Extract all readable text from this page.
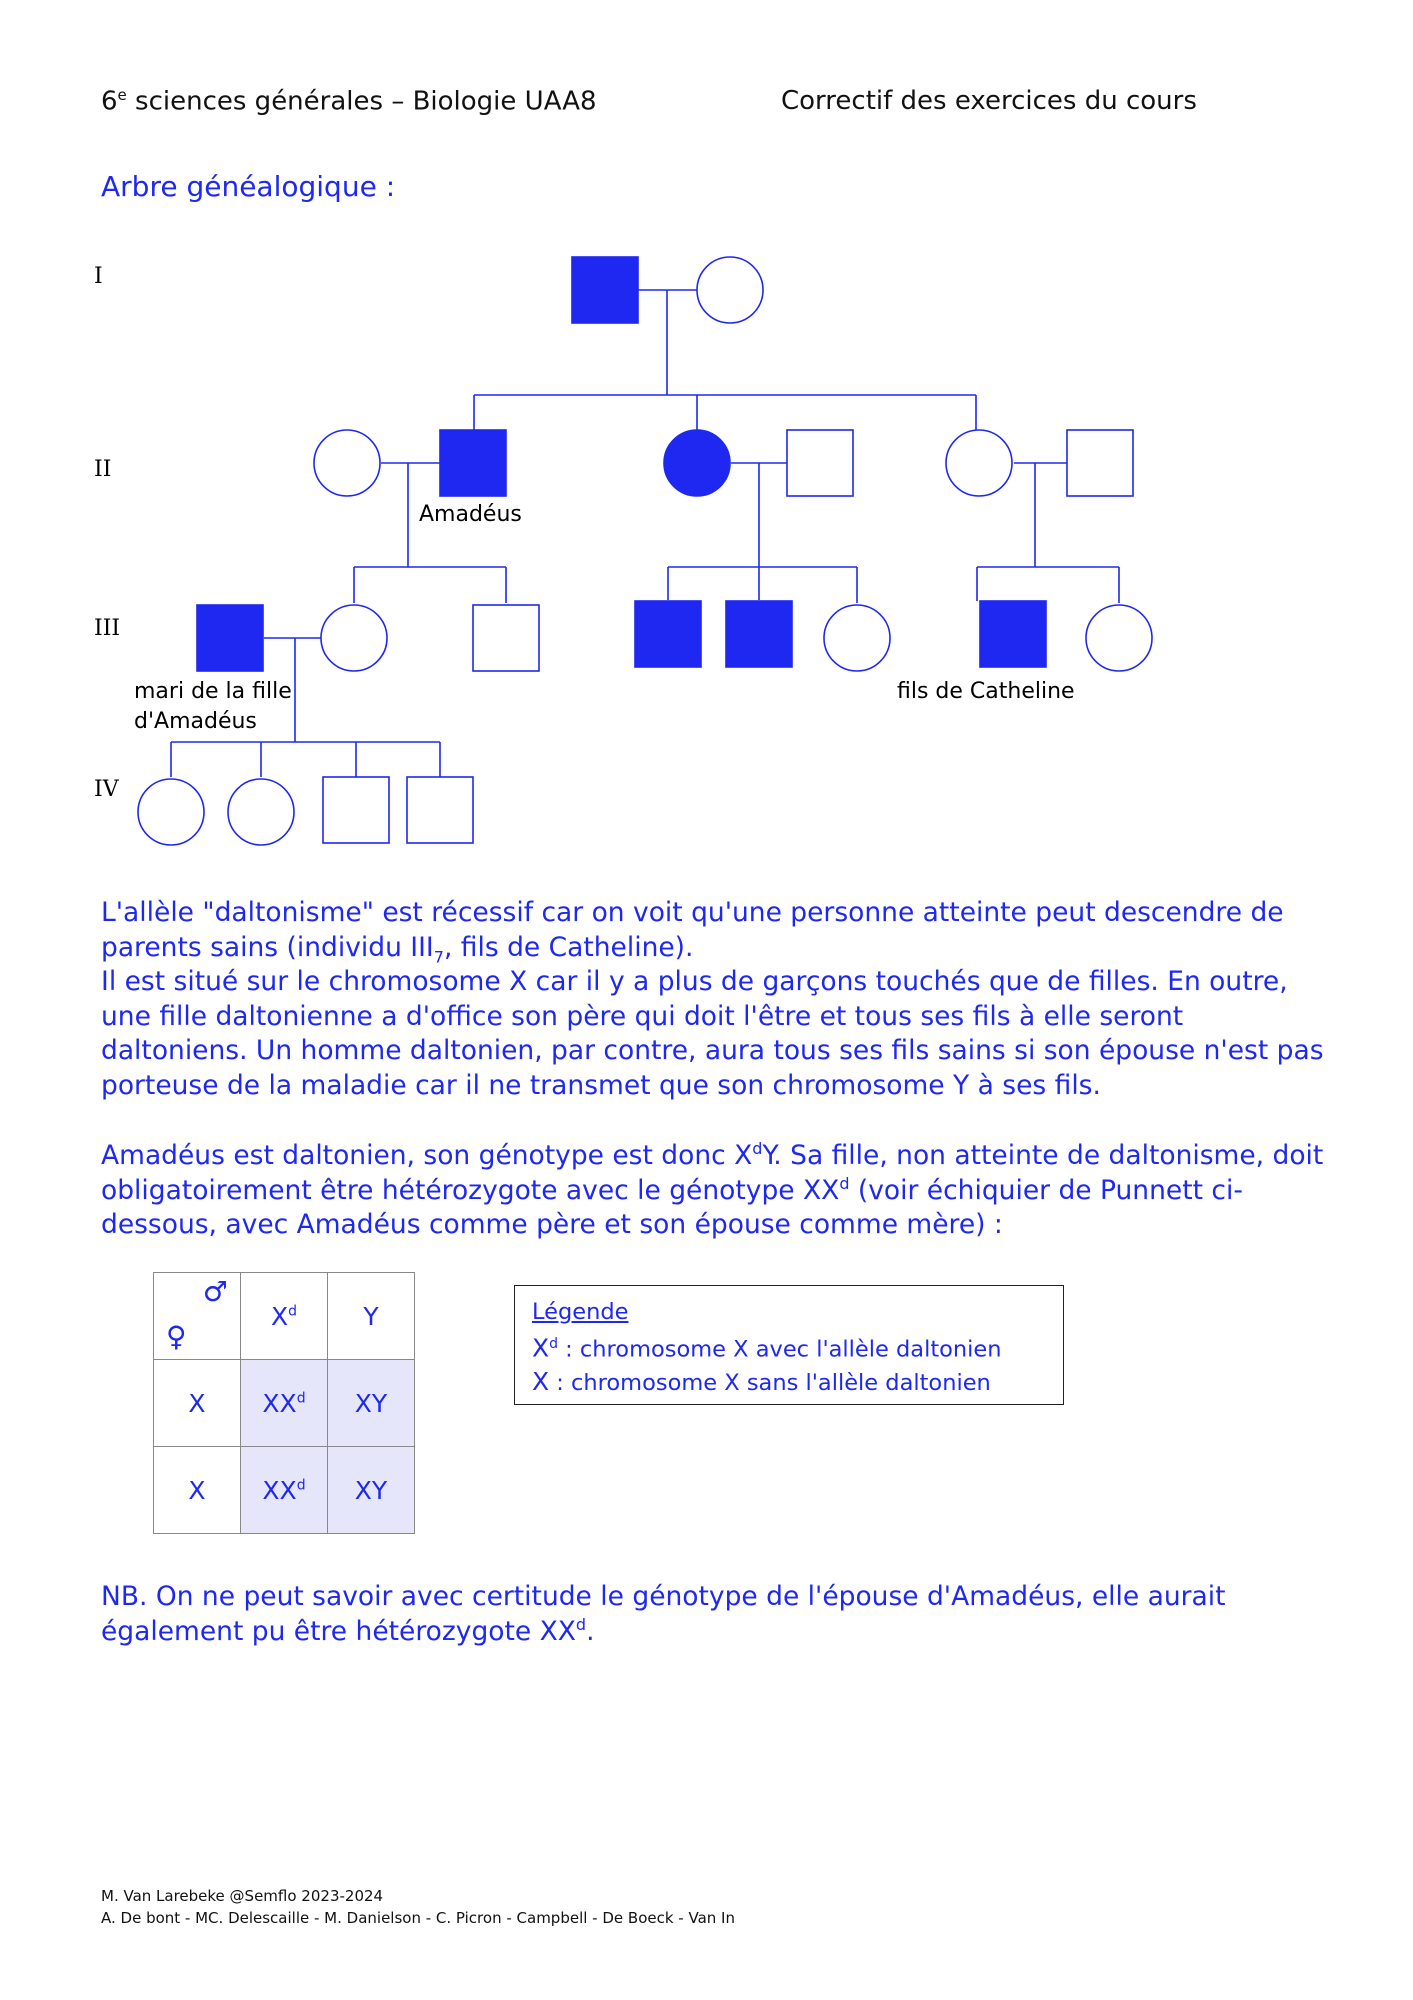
6e sciences générales – Biologie UAA8	Correctif des exercices du cours
Arbre généalogique :
I
II
III
IV
Amadéus
mari de la fille
d'Amadéus
fils de Catheline

L'allèle "daltonisme" est récessif car on voit qu'une personne atteinte peut descendre de parents sains (individu $III_7$, fils de Catheline).
Il est situé sur le chromosome X car il y a plus de garçons touchés que de filles. En outre, une fille daltonienne a d'office son père qui doit l'être et tous ses fils à elle seront daltoniens. Un homme daltonien, par contre, aura tous ses fils sains si son épouse n'est pas porteuse de la maladie car il ne transmet que son chromosome Y à ses fils.

Amadéus est daltonien, son génotype est donc $X^dY$. Sa fille, non atteinte de daltonisme, doit obligatoirement être hétérozygote avec le génotype $XX^d$ (voir échiquier de Punnett ci-dessous, avec Amadéus comme père et son épouse comme mère) :

♂
♀	$X^d$	Y
X	$XX^d$	XY
X	$XX^d$	XY
Légende
$X^d$ : chromosome X avec l'allèle daltonien
X : chromosome X sans l'allèle daltonien

NB. On ne peut savoir avec certitude le génotype de l'épouse d'Amadéus, elle aurait également pu être hétérozygote $XX^d$.

M. Van Larebeke @Semflo 2023-2024
A. De bont - MC. Delescaille - M. Danielson - C. Picron - Campbell - De Boeck - Van In
